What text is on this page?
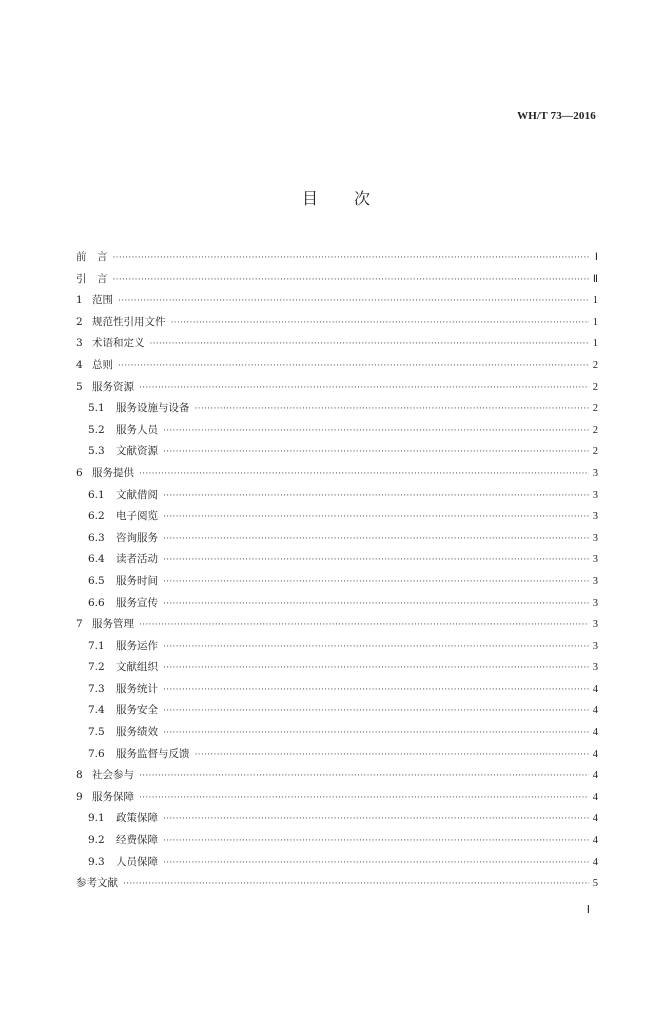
WH/T 73—2016
目 次
前　言 ·····	Ⅰ
引　言 ·····	Ⅱ
1 范围 ·····	1
2 规范性引用文件 ·····	1
3 术语和定义 ·····	1
4 总则 ·····	2
5 服务资源 ·····	2
5.1	服务设施与设备 ·····	2
5.2	服务人员 ·····	2
5.3	文献资源 ·····	2
6 服务提供 ·····	3
6.1	文献借阅 ·····	3
6.2	电子阅览 ·····	3
6.3	咨询服务 ·····	3
6.4	读者活动 ·····	3
6.5	服务时间 ·····	3
6.6	服务宣传 ·····	3
7 服务管理 ·····	3
7.1	服务运作 ·····	3
7.2	文献组织 ·····	3
7.3	服务统计 ·····	4
7.4	服务安全 ·····	4
7.5	服务绩效 ·····	4
7.6	服务监督与反馈 ·····	4
8 社会参与 ·····	4
9 服务保障 ·····	4
9.1	政策保障 ·····	4
9.2	经费保障 ·····	4
9.3	人员保障 ·····	4
参考文献 ·····	5
Ⅰ
